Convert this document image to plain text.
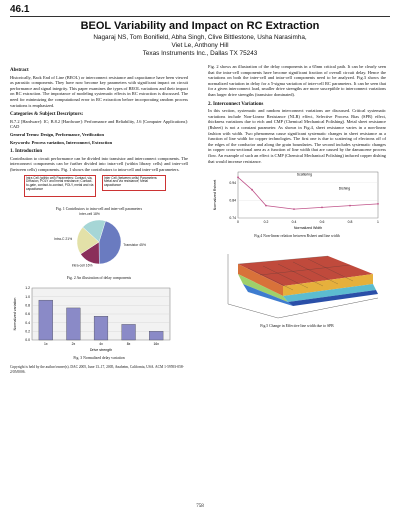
46.1
BEOL Variability and Impact on RC Extraction
Nagaraj NS, Tom Bonifield, Abha Singh, Clive Bittlestone, Usha Narasimha,
Viet Le, Anthony Hill
Texas Instruments Inc., Dallas TX 75243
Abstract

Historically, Back End of Line (BEOL) or interconnect resistance and capacitance have been viewed as parasitic components. They have now become key parameters with significant impact on circuit performance and signal integrity. This paper examines the types of BEOL variations and their impact on RC extraction. The importance of modeling systematic effects in RC extraction is discussed. The need for minimizing the computational error in RC extraction before incorporating random process variations is emphasized.

Categories & Subject Descriptors:

B.7.2 [Hardware]: IC; B.8.2 [Hardware]: Performance and Reliability, J.6 [Computer Applications]: CAD

General Terms: Design, Performance, Verification

Keywords: Process variation, Interconnect, Extraction

1. Introduction

Contribution to circuit performance can be divided into transistor and interconnect components. The interconnect components can be further divided into intra-cell (within library cells) and inter-cell (between cells) components. Fig. 1 shows the contributors to intra-cell and inter-cell parameters.

Intra Cell (within cell) Parameters: Contact, via, Diffusion, POLY and metal resistance; Contact-to-gate, contact-to-contact, POLY, metal and via capacitance
Inter Cell (between cells) Parameters: Metal and via resistance; Metal capacitance
Fig. 1 Contributors to intra-cell and inter-cell parameters
Transistor 45%
Intra-cell 16%
Intra-C 21%
Inter-cell 18%
Fig. 2 An illustration of delay components
0.0
0.2
0.4
0.6
0.8
1.0
1.2
1x	2x	4x	8x	16x
Drive strength
Normalized variation
Fig. 3 Normalized delay variation
Copyright is held by the author/owner(s). DAC 2005, June 13–17, 2005, Anaheim, California, USA. ACM 1-59593-058-2/05/0006.

Fig. 2 shows an illustration of the delay components in a 65nm critical path. It can be clearly seen that the intra-cell components have become significant fraction of overall circuit delay. Hence the variations on both the inter-cell and intra-cell components need to be analyzed. Fig.3 shows the normalized variation in delay for a 5-sigma variation of inter-cell RC parameters. It can be seen that for a given interconnect load, smaller drive strengths are more susceptible to interconnect variations than larger drive strengths (transistor dominated).

2. Interconnect Variations

In this section, systematic and random interconnect variations are discussed. Critical systematic variations include Non-Linear Resistance (NLR) effect, Selective Process Bias (SPB) effect, thickness variations due to etch and CMP (Chemical Mechanical Polishing). Metal sheet resistance (Rsheet) is not a constant parameter. As shown in Fig.4, sheet resistance varies in a non-linear fashion with width. Two phenomena cause significant systematic changes in sheet resistance as a function of line width for copper technologies. The first one is due to scattering of electrons off of the edges of the conductor and along the grain boundaries. The second includes systematic changes in copper cross-sectional area as a function of line width that are caused by the damascene process flow. An example of such an effect is CMP (Chemical Mechanical Polishing) induced copper dishing that would increase resistance.

0.74
0.84
0.94
0	0.2	0.4	0.6	0.8	1
Scattering
Dishing
Normalized Width
Normalized Rsheet
Fig.4 Non-linear relation between Rsheet and line width
Fig.5 Change in Effective line width due to SPB
758
